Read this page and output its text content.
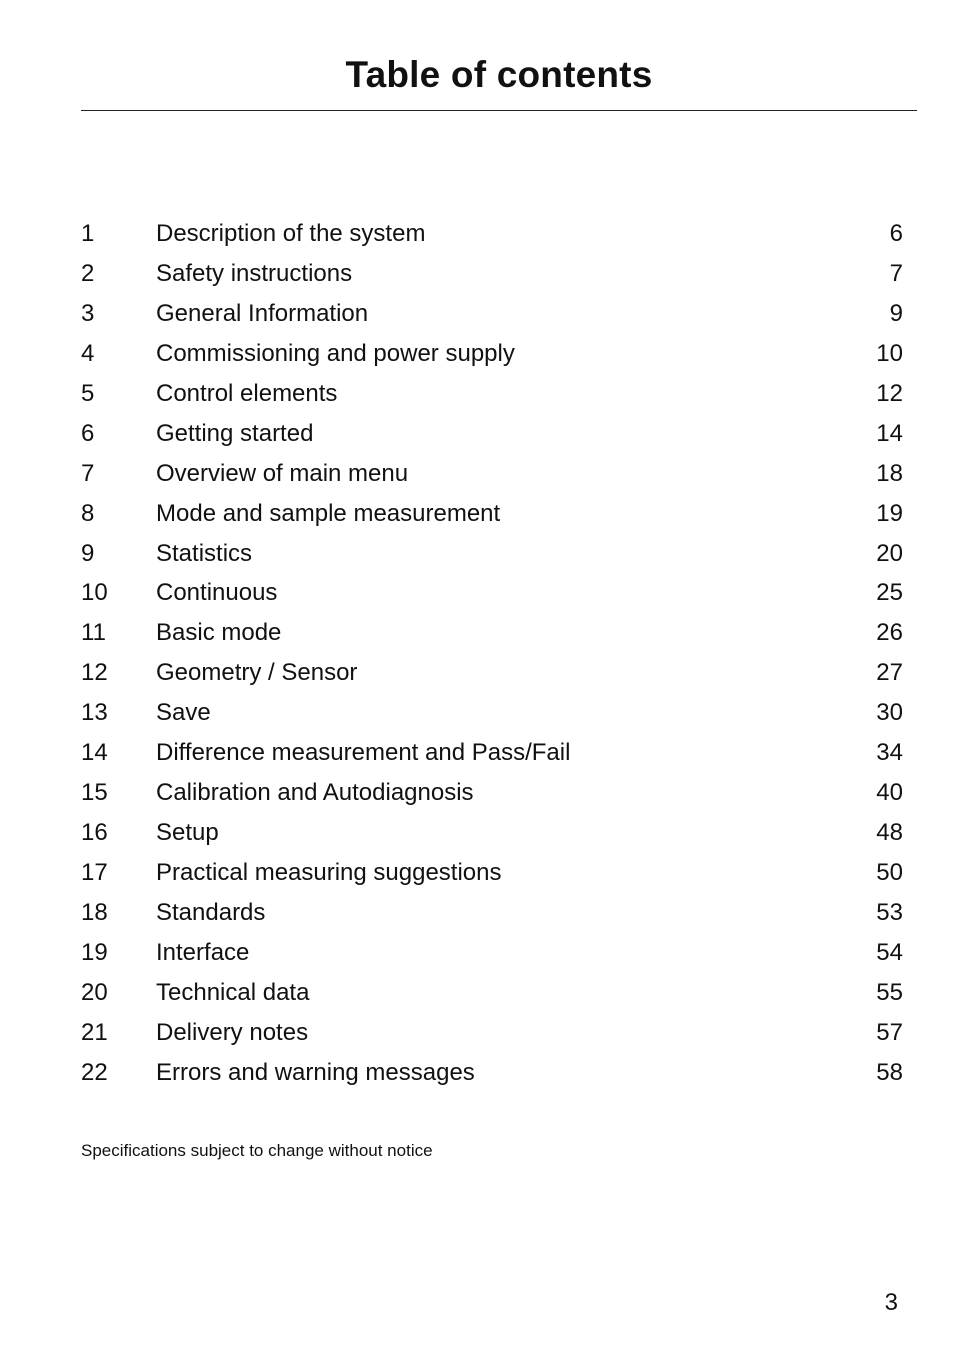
Table of contents
1	Description of the system	6
2	Safety instructions	7
3	General Information	9
4	Commissioning and power supply	10
5	Control elements	12
6	Getting started	14
7	Overview of main menu	18
8	Mode and sample measurement	19
9	Statistics	20
10 Continuous	25
11 Basic mode	26
12 Geometry / Sensor	27
13 Save	30
14 Difference measurement and Pass/Fail	34
15 Calibration and Autodiagnosis	40
16 Setup	48
17 Practical measuring suggestions	50
18 Standards	53
19 Interface	54
20 Technical data	55
21 Delivery notes	57
22 Errors and warning messages	58
Specifications subject to change without notice
3
